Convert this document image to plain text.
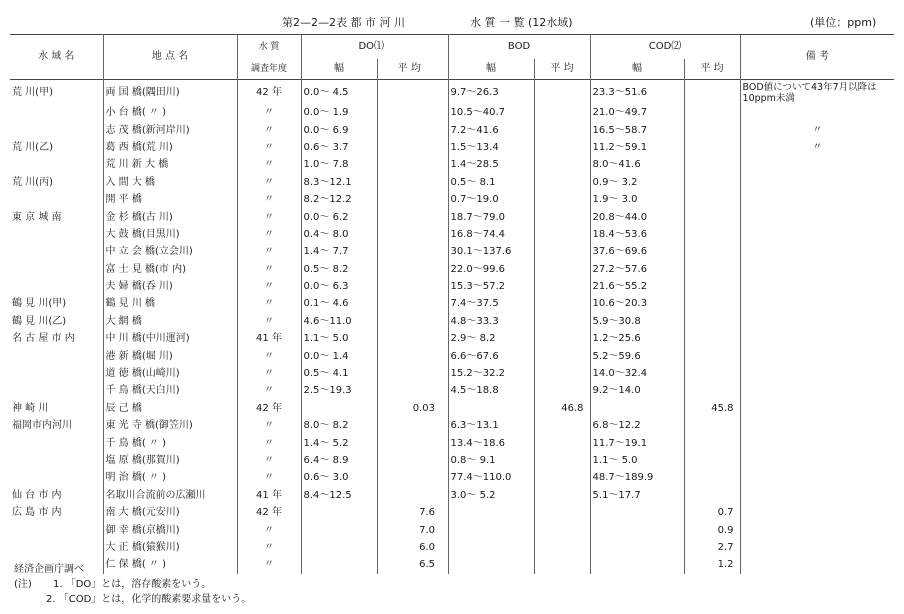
第2—2—2表 都 市 河 川	水 質 一 覧 (12水域)	(単位：ppm)
水 域 名	地 点 名	水 質	DO⑴			BOD		COD⑵		備 考
		調査年度	幅	平 均		幅	平 均	幅	平 均	
荒 川(甲)	両 国 橋(隅田川)	42 年	0.0～ 4.5			9.7～26.3		23.3～51.6		BOD値について43年7月以降は10ppm未満
	小 台 橋( 〃 )	〃	0.0～ 1.9			10.5～40.7		21.0～49.7		
	志 茂 橋(新河岸川)	〃	0.0～ 6.9			7.2～41.6		16.5～58.7		〃
荒 川(乙)	葛 西 橋(荒 川)	〃	0.6～ 3.7			1.5～13.4		11.2～59.1		〃
	荒 川 新 大 橋	〃	1.0～ 7.8			1.4～28.5		8.0～41.6		
荒 川(丙)	入 間 大 橋	〃	8.3～12.1			0.5～ 8.1		0.9～ 3.2		
	開 平 橋	〃	8.2～12.2			0.7～19.0		1.9～ 3.0		
東 京 城 南	金 杉 橋(古 川)	〃	0.0～ 6.2			18.7～79.0		20.8～44.0		
	大 鼓 橋(目黒川)	〃	0.4～ 8.0			16.8～74.4		18.4～53.6		
	中 立 会 橋(立会川)	〃	1.4～ 7.7			30.1～137.6		37.6～69.6		
	富 士 見 橋(市 内)	〃	0.5～ 8.2			22.0～99.6		27.2～57.6		
	夫 婦 橋(呑 川)	〃	0.0～ 6.3			15.3～57.2		21.6～55.2		
鶴 見 川(甲)	鶴 見 川 橋	〃	0.1～ 4.6			7.4～37.5		10.6～20.3		
鶴 見 川(乙)	大 網 橋	〃	4.6～11.0			4.8～33.3		5.9～30.8		
名 古 屋 市 内	中 川 橋(中川運河)	41 年	1.1～ 5.0			2.9～ 8.2		1.2～25.6		
	港 新 橋(堀 川)	〃	0.0～ 1.4			6.6～67.6		5.2～59.6		
	道 徳 橋(山崎川)	〃	0.5～ 4.1			15.2～32.2		14.0～32.4		
	千 鳥 橋(天白川)	〃	2.5～19.3			4.5～18.8		9.2～14.0		
神 崎 川	辰 己 橋	42 年		0.03			46.8		45.8	
福岡市内河川	東 光 寺 橋(御笠川)	〃	8.0～ 8.2			6.3～13.1		6.8～12.2		
	千 鳥 橋( 〃 )	〃	1.4～ 5.2			13.4～18.6		11.7～19.1		
	塩 原 橋(那賀川)	〃	6.4～ 8.9			0.8～ 9.1		1.1～ 5.0		
	明 治 橋( 〃 )	〃	0.6～ 3.0			77.4～110.0		48.7～189.9		
仙 台 市 内	名取川合流前の広瀬川	41 年	8.4～12.5			3.0～ 5.2		5.1～17.7		
広 島 市 内	南 大 橋(元安川)	42 年		7.6					0.7	
	御 幸 橋(京橋川)	〃		7.0					0.9	
	大 正 橋(猿猴川)	〃		6.0					2.7	
	仁 保 橋( 〃 )	〃		6.5					1.2	
経済企画庁調べ
(注) 1. 「DO」とは，溶存酸素をいう。
2. 「COD」とは，化学的酸素要求量をいう。
